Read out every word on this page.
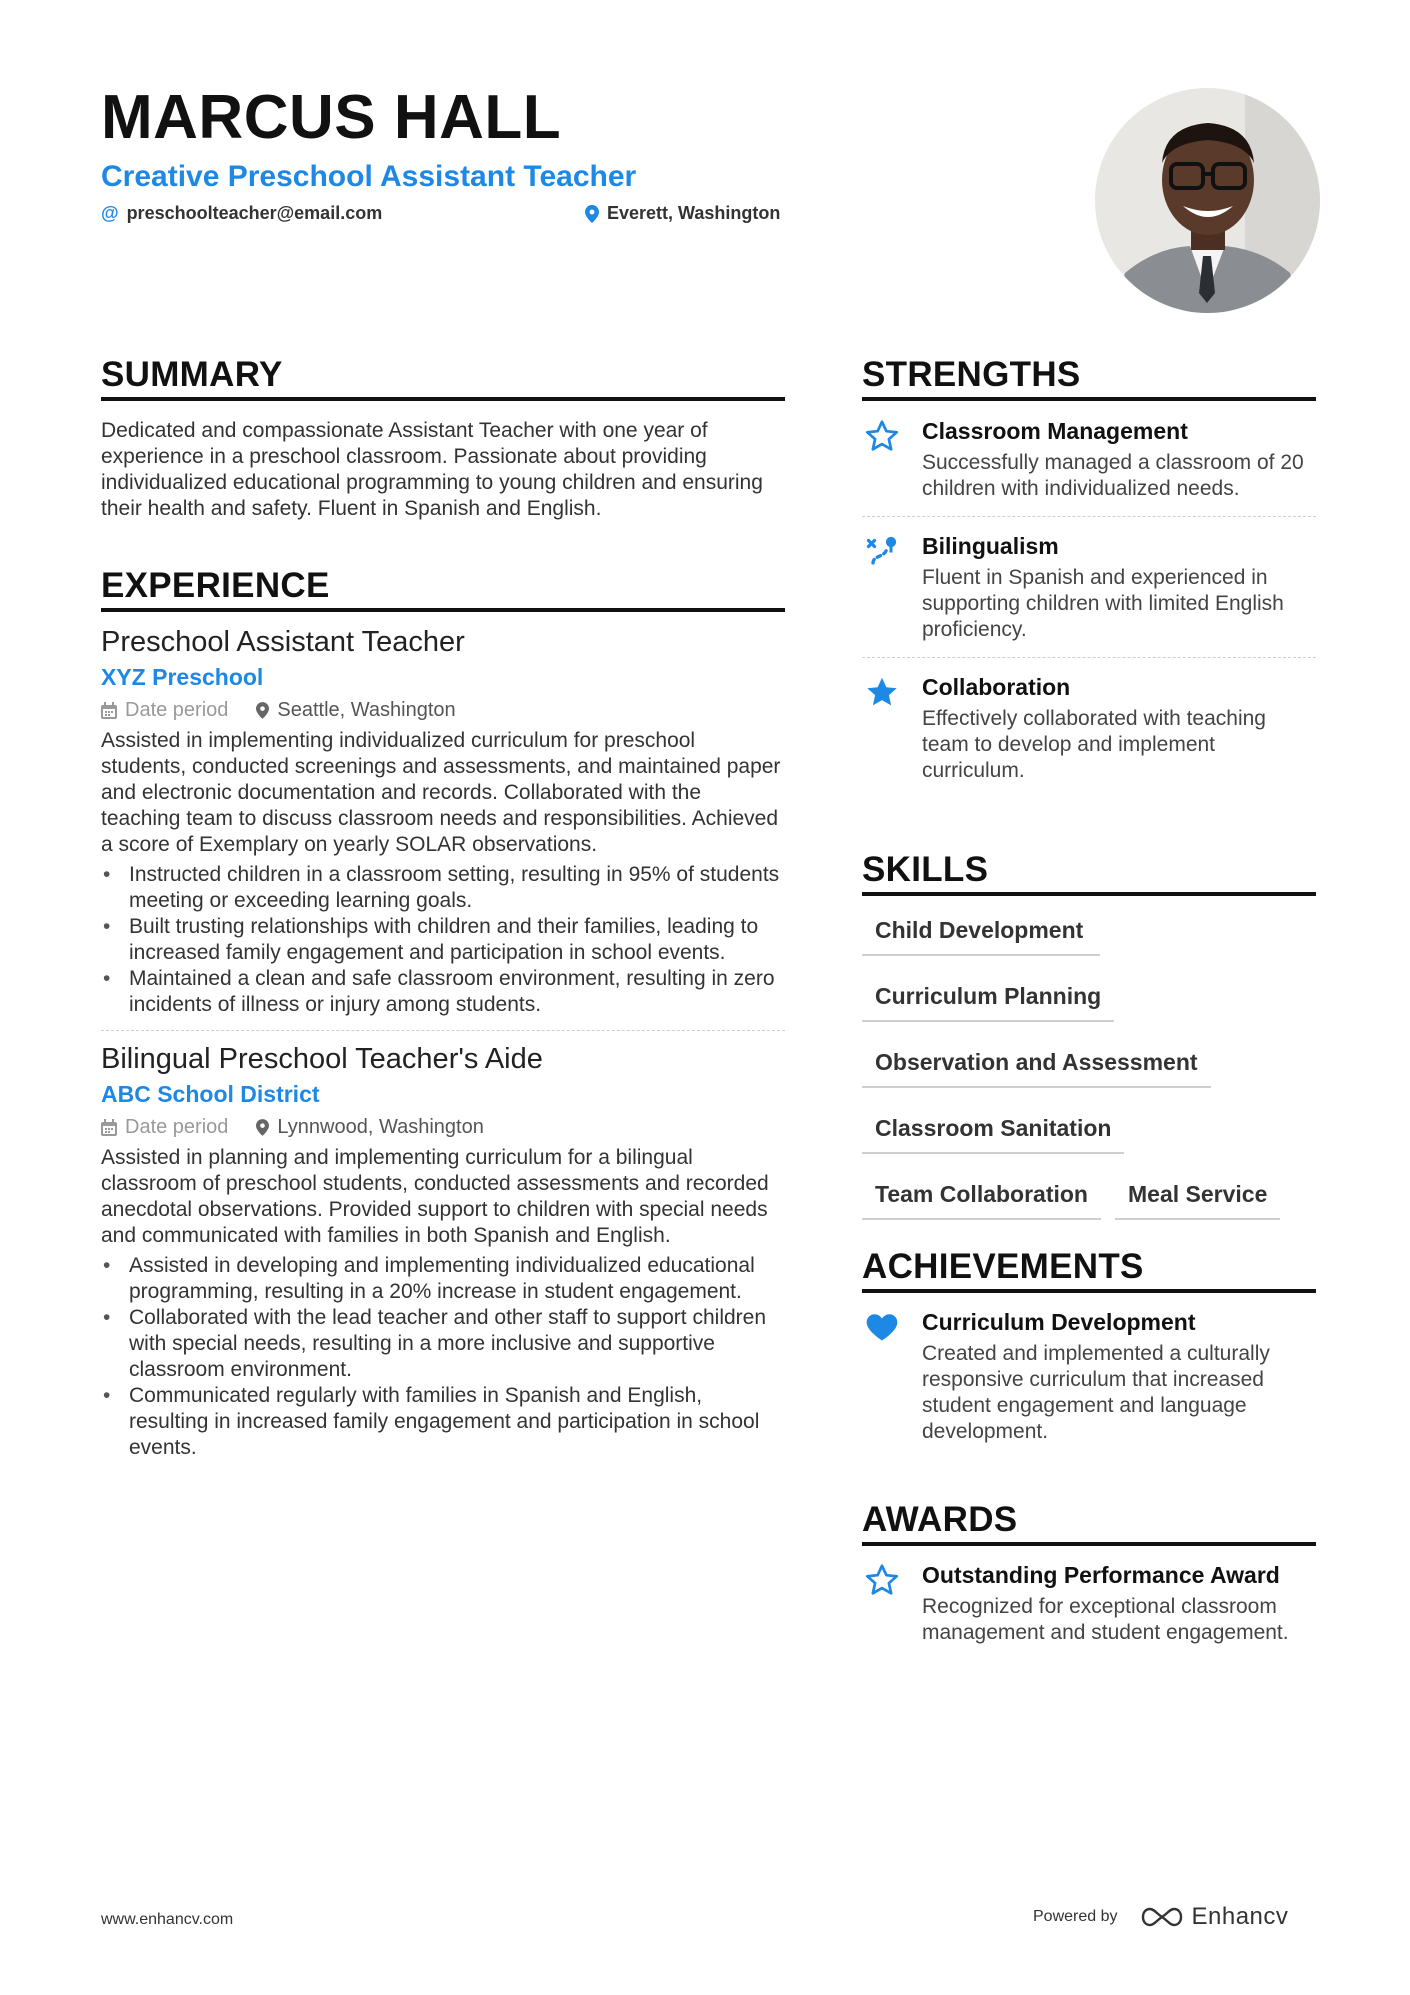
MARCUS HALL
Creative Preschool Assistant Teacher
@ preschoolteacher@email.com	Everett, Washington
SUMMARY
Dedicated and compassionate Assistant Teacher with one year of experience in a preschool classroom. Passionate about providing individualized educational programming to young children and ensuring their health and safety. Fluent in Spanish and English.
EXPERIENCE
Preschool Assistant Teacher
XYZ Preschool
Date period Seattle, Washington
Assisted in implementing individualized curriculum for preschool students, conducted screenings and assessments, and maintained paper and electronic documentation and records. Collaborated with the teaching team to discuss classroom needs and responsibilities. Achieved a score of Exemplary on yearly SOLAR observations.
• Instructed children in a classroom setting, resulting in 95% of students meeting or exceeding learning goals.
• Built trusting relationships with children and their families, leading to increased family engagement and participation in school events.
• Maintained a clean and safe classroom environment, resulting in zero incidents of illness or injury among students.
Bilingual Preschool Teacher's Aide
ABC School District
Date period Lynnwood, Washington
Assisted in planning and implementing curriculum for a bilingual classroom of preschool students, conducted assessments and recorded anecdotal observations. Provided support to children with special needs and communicated with families in both Spanish and English.
• Assisted in developing and implementing individualized educational programming, resulting in a 20% increase in student engagement.
• Collaborated with the lead teacher and other staff to support children with special needs, resulting in a more inclusive and supportive classroom environment.
• Communicated regularly with families in Spanish and English, resulting in increased family engagement and participation in school events.
STRENGTHS
Classroom Management
Successfully managed a classroom of 20 children with individualized needs.
Bilingualism
Fluent in Spanish and experienced in supporting children with limited English proficiency.
Collaboration
Effectively collaborated with teaching team to develop and implement curriculum.
SKILLS
Child Development
Curriculum Planning
Observation and Assessment
Classroom Sanitation
Team Collaboration	Meal Service
ACHIEVEMENTS
Curriculum Development
Created and implemented a culturally responsive curriculum that increased student engagement and language development.
AWARDS
Outstanding Performance Award
Recognized for exceptional classroom management and student engagement.
www.enhancv.com	Powered by	Enhancv
